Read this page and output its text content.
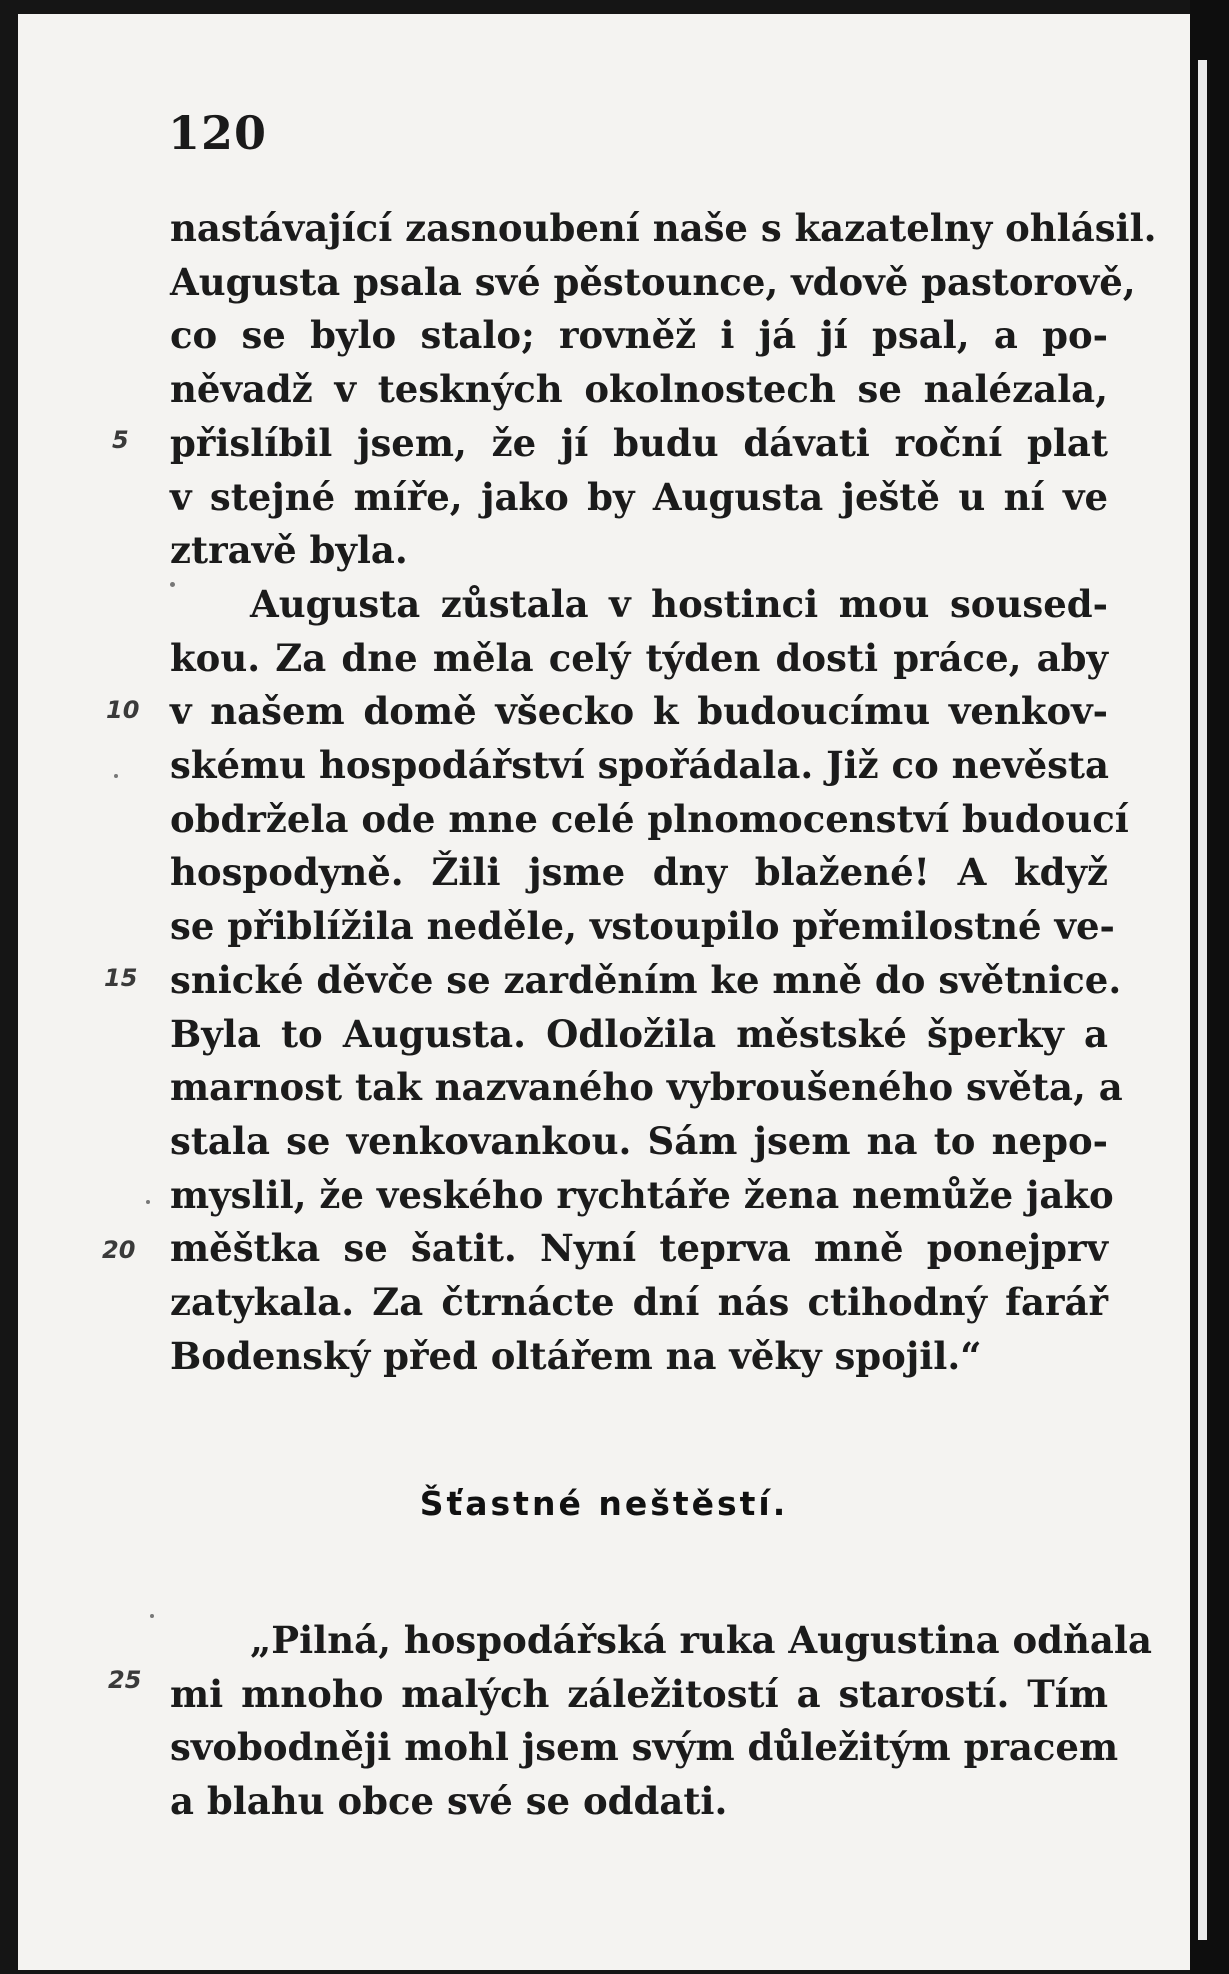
120
nastávající zasnoubení naše s kazatelny ohlásil.
Augusta psala své pěstounce, vdově pastorově,
co se bylo stalo; rovněž i já jí psal, a po-
něvadž v teskných okolnostech se nalézala,
přislíbil jsem, že jí budu dávati roční plat
v stejné míře, jako by Augusta ještě u ní ve
ztravě byla.
Augusta zůstala v hostinci mou soused-
kou. Za dne měla celý týden dosti práce, aby
v našem domě všecko k budoucímu venkov-
skému hospodářství spořádala. Již co nevěsta
obdržela ode mne celé plnomocenství budoucí
hospodyně. Žili jsme dny blažené! A když
se přiblížila neděle, vstoupilo přemilostné ve-
snické děvče se zarděním ke mně do světnice.
Byla to Augusta. Odložila městské šperky a
marnost tak nazvaného vybroušeného světa, a
stala se venkovankou. Sám jsem na to nepo-
myslil, že veského rychtáře žena nemůže jako
měštka se šatit. Nyní teprva mně ponejprv
zatykala. Za čtrnácte dní nás ctihodný farář
Bodenský před oltářem na věky spojil.“
Šťastné neštěstí.
„Pilná, hospodářská ruka Augustina odňala
mi mnoho malých záležitostí a starostí. Tím
svobodněji mohl jsem svým důležitým pracem
a blahu obce své se oddati.
5
10
15
20
25
